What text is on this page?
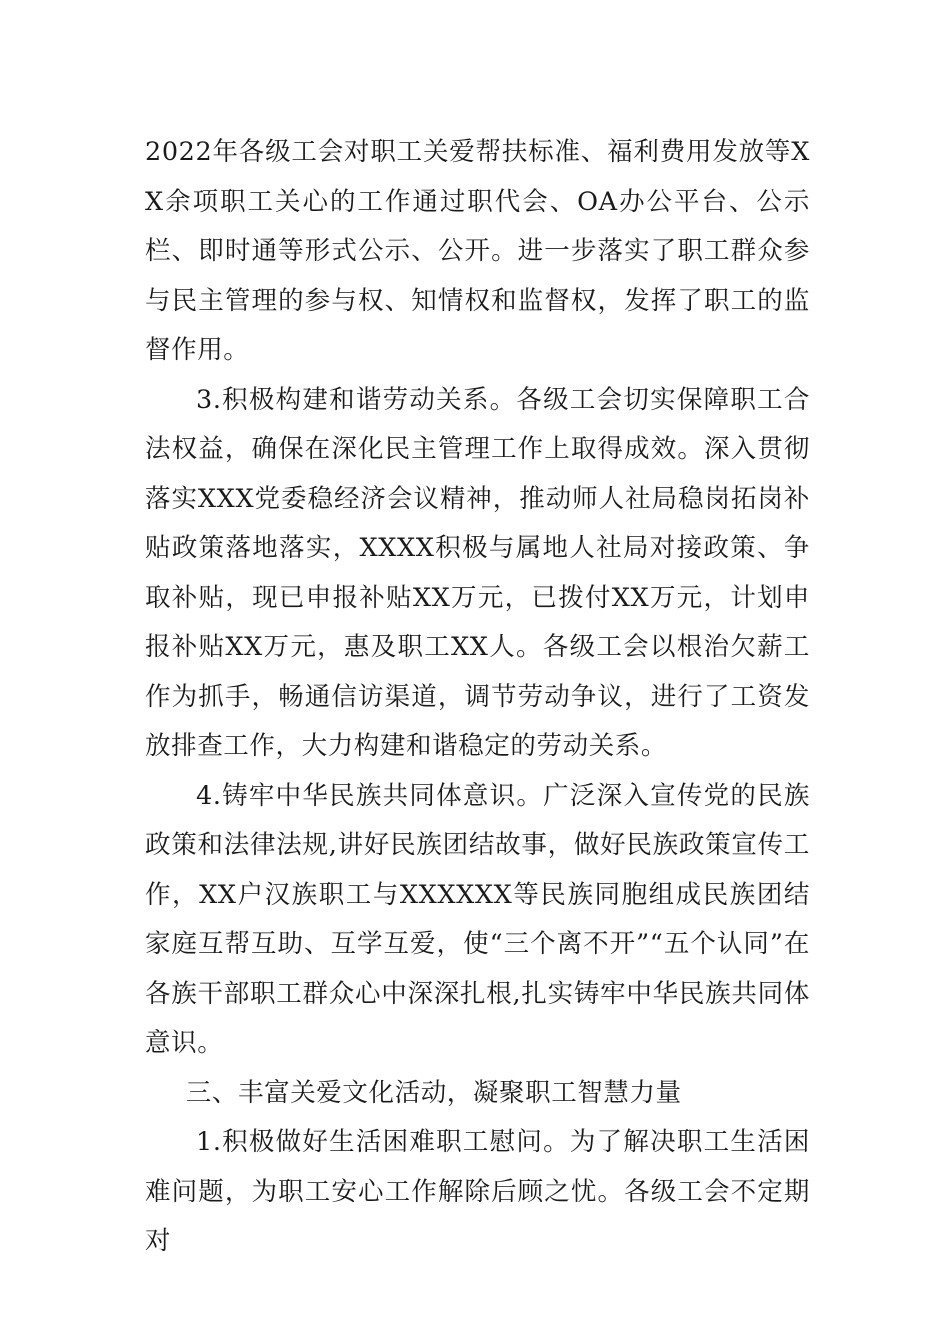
2022年各级工会对职工关爱帮扶标准、福利费用发放等XX余项职工关心的工作通过职代会、OA办公平台、公示栏、即时通等形式公示、公开。进一步落实了职工群众参与民主管理的参与权、知情权和监督权，发挥了职工的监督作用。

3.积极构建和谐劳动关系。各级工会切实保障职工合法权益，确保在深化民主管理工作上取得成效。深入贯彻落实XXX党委稳经济会议精神，推动师人社局稳岗拓岗补贴政策落地落实，XXXX积极与属地人社局对接政策、争取补贴，现已申报补贴XX万元，已拨付XX万元，计划申报补贴XX万元，惠及职工XX人。各级工会以根治欠薪工作为抓手，畅通信访渠道，调节劳动争议，进行了工资发放排查工作，大力构建和谐稳定的劳动关系。

4.铸牢中华民族共同体意识。广泛深入宣传党的民族政策和法律法规,讲好民族团结故事，做好民族政策宣传工作，XX户汉族职工与XXXXXX等民族同胞组成民族团结家庭互帮互助、互学互爱，使“三个离不开”“五个认同”在各族干部职工群众心中深深扎根,扎实铸牢中华民族共同体意识。

三、丰富关爱文化活动，凝聚职工智慧力量

1.积极做好生活困难职工慰问。为了解决职工生活困难问题，为职工安心工作解除后顾之忧。各级工会不定期对
